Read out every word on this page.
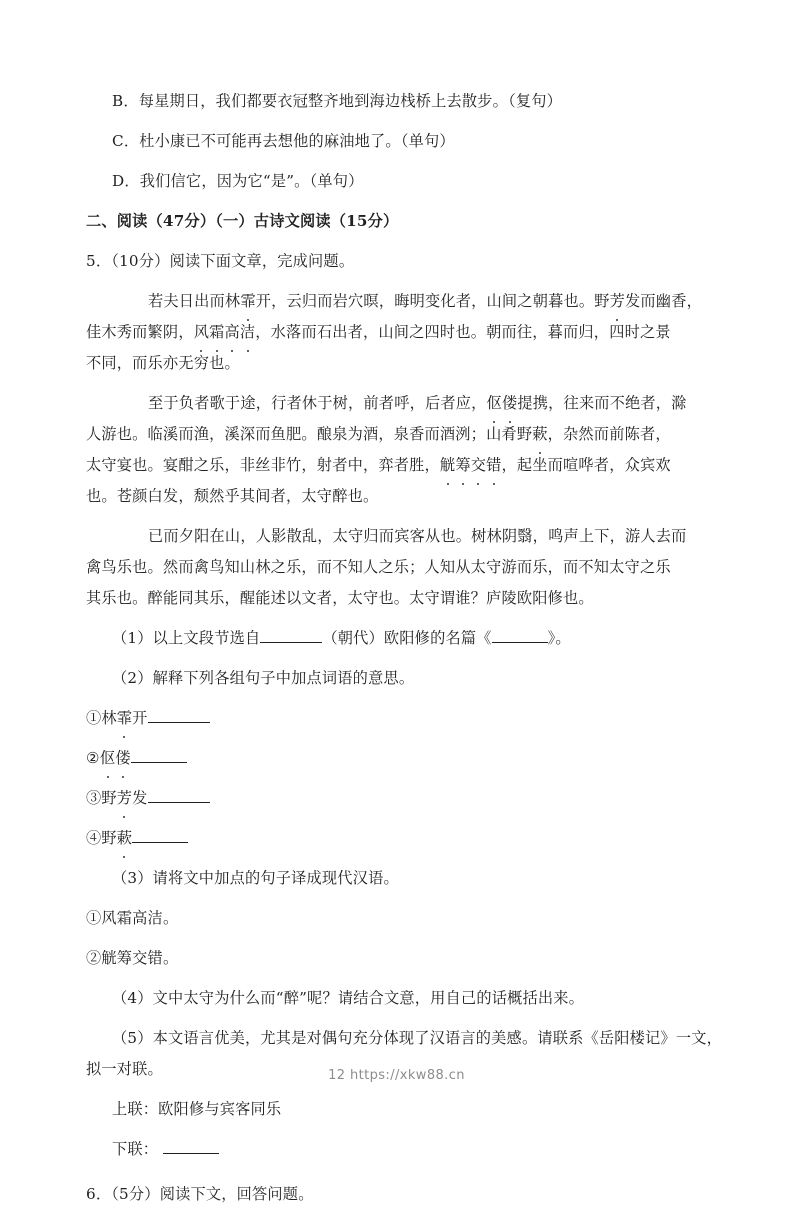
B．每星期日，我们都要衣冠整齐地到海边栈桥上去散步。（复句）
C．杜小康已不可能再去想他的麻油地了。（单句）
D．我们信它，因为它“是”。（单句）
二、阅读（47分）（一）古诗文阅读（15分）
5．（10分）阅读下面文章，完成问题。
若夫日出而林霏开，云归而岩穴暝，晦明变化者，山间之朝暮也。野芳发而幽香，
佳木秀而繁阴，风霜高洁，水落而石出者，山间之四时也。朝而往，暮而归，四时之景
不同，而乐亦无穷也。
至于负者歌于途，行者休于树，前者呼，后者应，伛偻提携，往来而不绝者，滁
人游也。临溪而渔，溪深而鱼肥。酿泉为酒，泉香而酒洌；山肴野蔌，杂然而前陈者，
太守宴也。宴酣之乐，非丝非竹，射者中，弈者胜，觥筹交错，起坐而喧哗者，众宾欢
也。苍颜白发，颓然乎其间者，太守醉也。
已而夕阳在山，人影散乱，太守归而宾客从也。树林阴翳，鸣声上下，游人去而
禽鸟乐也。然而禽鸟知山林之乐，而不知人之乐；人知从太守游而乐，而不知太守之乐
其乐也。醉能同其乐，醒能述以文者，太守也。太守谓谁？庐陵欧阳修也。
（1）以上文段节选自	（朝代）欧阳修的名篇《	》。
（2）解释下列各组句子中加点词语的意思。
①林霏开
②伛偻
③野芳发
④野蔌
（3）请将文中加点的句子译成现代汉语。
①风霜高洁。
②觥筹交错。
（4）文中太守为什么而“醉”呢？请结合文意，用自己的话概括出来。
（5）本文语言优美，尤其是对偶句充分体现了汉语言的美感。请联系《岳阳楼记》一文，
拟一对联。
上联：欧阳修与宾客同乐
下联：
6．（5分）阅读下文，回答问题。
12 https://xkw88.cn
